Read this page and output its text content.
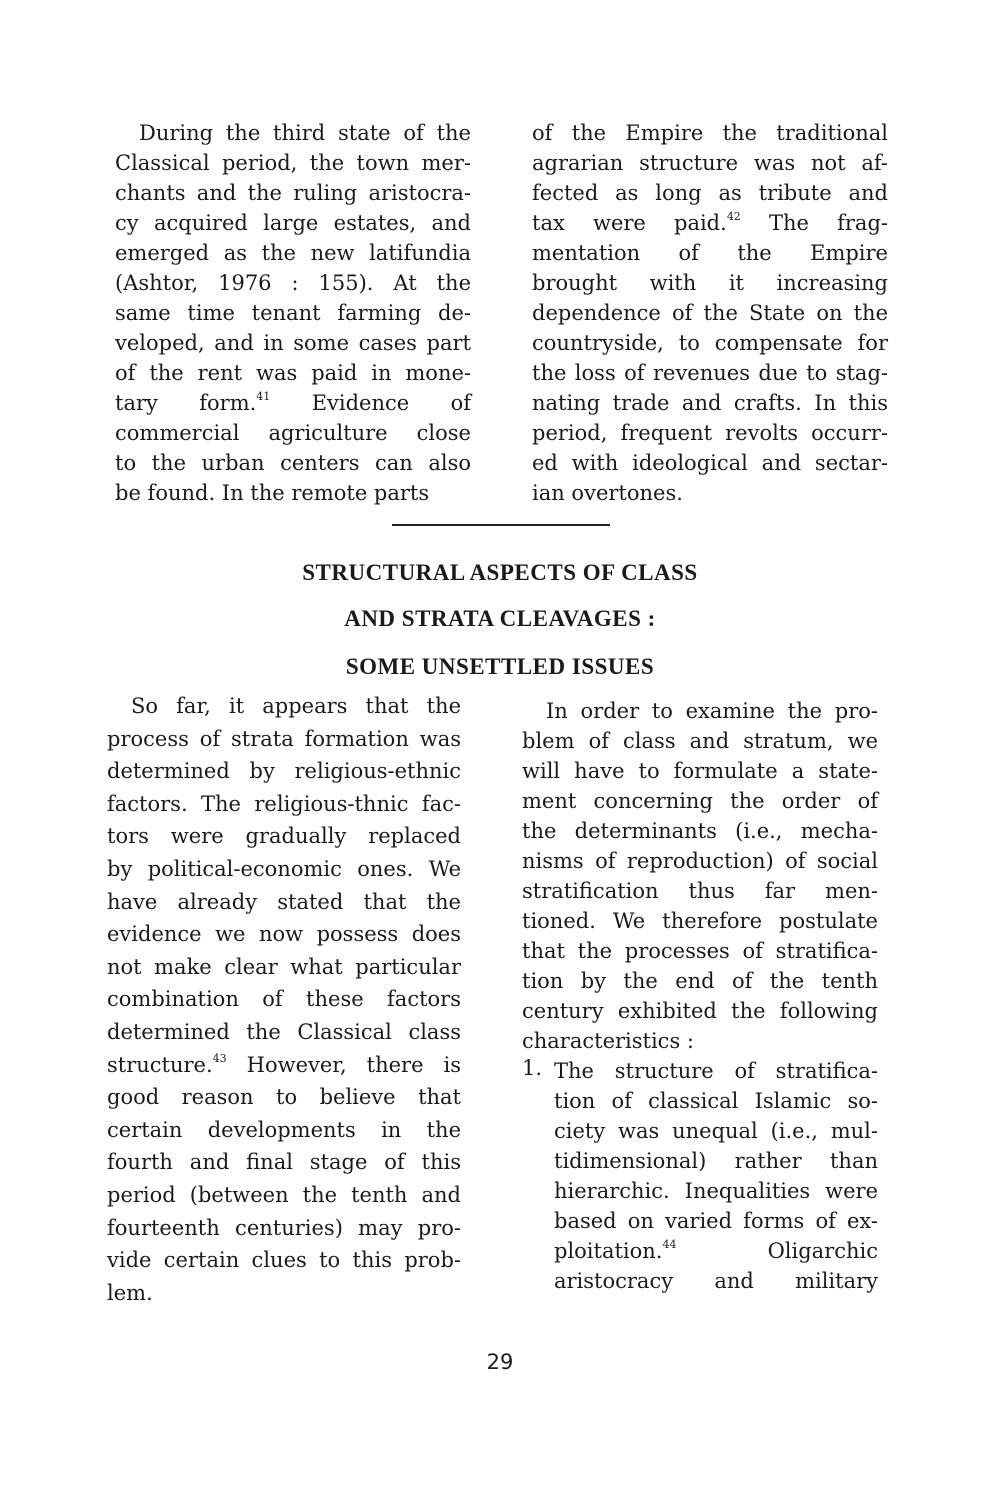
During the third state of the
Classical period, the town mer-
chants and the ruling aristocra-
cy acquired large estates, and
emerged as the new latifundia
(Ashtor, 1976 : 155). At the
same time tenant farming de-
veloped, and in some cases part
of the rent was paid in mone-
tary form.$^{41}$ Evidence of
commercial agriculture close
to the urban centers can also
be found. In the remote parts
of the Empire the traditional
agrarian structure was not af-
fected as long as tribute and
tax were paid.$^{42}$ The frag-
mentation of the Empire
brought with it increasing
dependence of the State on the
countryside, to compensate for
the loss of revenues due to stag-
nating trade and crafts. In this
period, frequent revolts occurr-
ed with ideological and sectar-
ian overtones.
STRUCTURAL ASPECTS OF CLASS
AND STRATA CLEAVAGES :
SOME UNSETTLED ISSUES
So far, it appears that the
process of strata formation was
determined by religious-ethnic
factors. The religious-thnic fac-
tors were gradually replaced
by political-economic ones. We
have already stated that the
evidence we now possess does
not make clear what particular
combination of these factors
determined the Classical class
structure.$^{43}$ However, there is
good reason to believe that
certain developments in the
fourth and final stage of this
period (between the tenth and
fourteenth centuries) may pro-
vide certain clues to this prob-
lem.
In order to examine the pro-
blem of class and stratum, we
will have to formulate a state-
ment concerning the order of
the determinants (i.e., mecha-
nisms of reproduction) of social
stratification thus far men-
tioned. We therefore postulate
that the processes of stratifica-
tion by the end of the tenth
century exhibited the following
characteristics :
1. The structure of stratifica-
tion of classical Islamic so-
ciety was unequal (i.e., mul-
tidimensional) rather than
hierarchic. Inequalities were
based on varied forms of ex-
ploitation.$^{44}$	Oligarchic
aristocracy and military
29
